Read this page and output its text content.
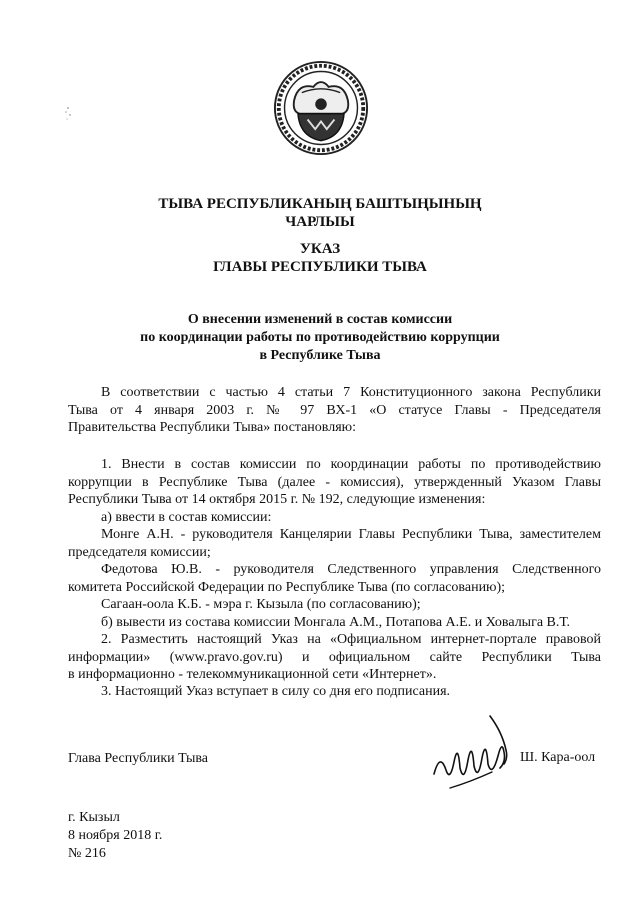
ТЫВА РЕСПУБЛИКАНЫҢ БАШТЫҢЫНЫҢ
ЧАРЛЫЫ
УКАЗ
ГЛАВЫ РЕСПУБЛИКИ ТЫВА
О внесении изменений в состав комиссии
по координации работы по противодействию коррупции
в Республике Тыва
В соответствии с частью 4 статьи 7 Конституционного закона Республики
Тыва от 4 января 2003 г. № 97 ВХ-1 «О статусе Главы - Председателя
Правительства Республики Тыва» постановляю:
1. Внести в состав комиссии по координации работы по противодействию
коррупции в Республике Тыва (далее - комиссия), утвержденный Указом Главы
Республики Тыва от 14 октября 2015 г. № 192, следующие изменения:
а) ввести в состав комиссии:
Монге А.Н. - руководителя Канцелярии Главы Республики Тыва, заместителем
председателя комиссии;
Федотова Ю.В. - руководителя Следственного управления Следственного
комитета Российской Федерации по Республике Тыва (по согласованию);
Сагаан-оола К.Б. - мэра г. Кызыла (по согласованию);
б) вывести из состава комиссии Монгала А.М., Потапова А.Е. и Ховалыга В.Т.
2. Разместить настоящий Указ на «Официальном интернет-портале правовой
информации» (www.pravo.gov.ru) и официальном сайте Республики Тыва
в информационно - телекоммуникационной сети «Интернет».
3. Настоящий Указ вступает в силу со дня его подписания.
Глава Республики Тыва	Ш. Кара-оол
г. Кызыл
8 ноября 2018 г.
№ 216
